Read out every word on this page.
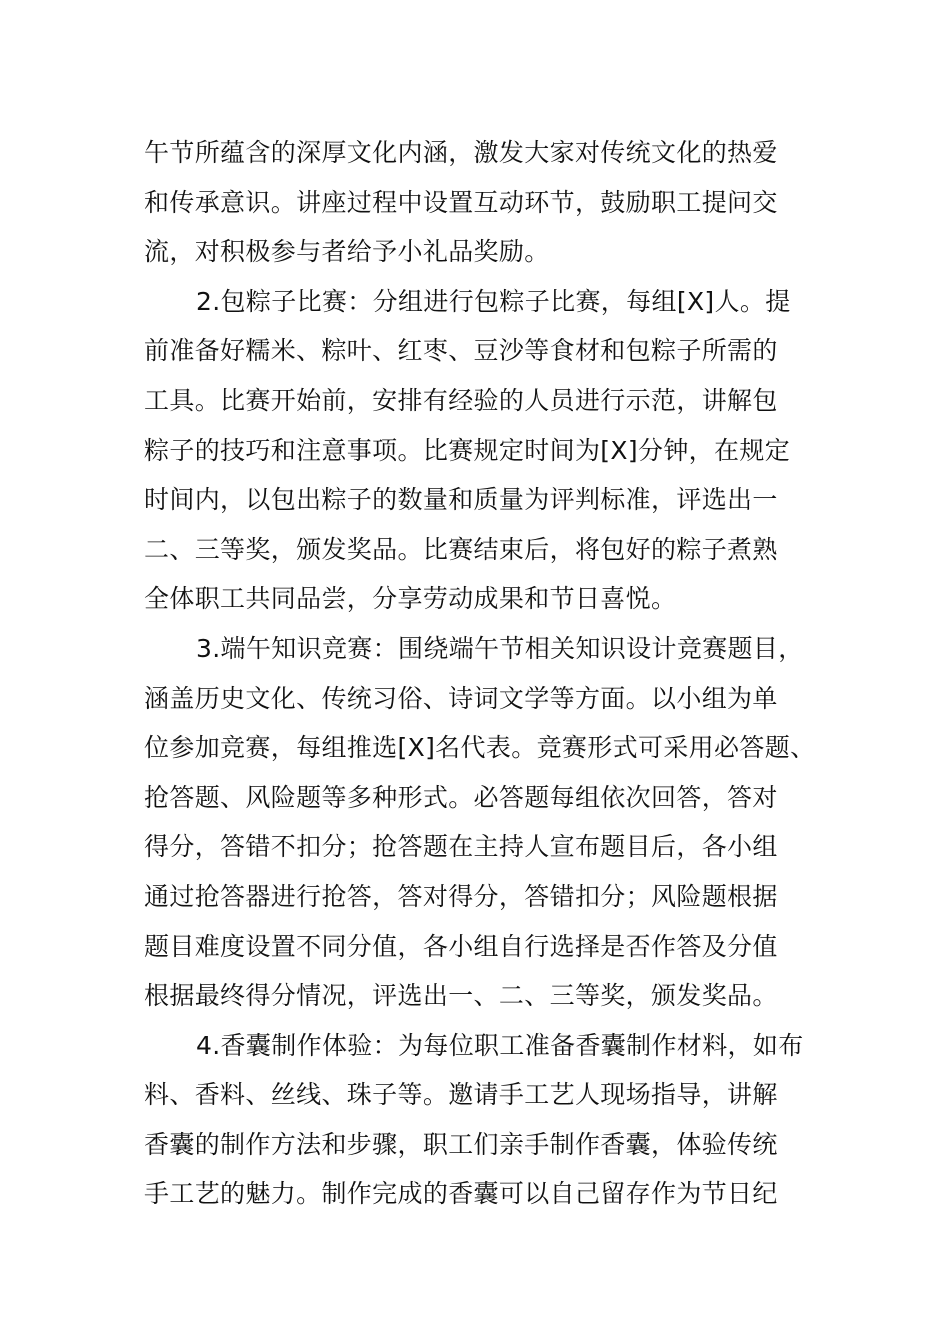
午节所蕴含的深厚文化内涵，激发大家对传统文化的热爱
和传承意识。讲座过程中设置互动环节，鼓励职工提问交
流，对积极参与者给予小礼品奖励。
2.包粽子比赛：分组进行包粽子比赛，每组[X]人。提
前准备好糯米、粽叶、红枣、豆沙等食材和包粽子所需的
工具。比赛开始前，安排有经验的人员进行示范，讲解包
粽子的技巧和注意事项。比赛规定时间为[X]分钟，在规定
时间内，以包出粽子的数量和质量为评判标准，评选出一
二、三等奖，颁发奖品。比赛结束后，将包好的粽子煮熟
全体职工共同品尝，分享劳动成果和节日喜悦。
3.端午知识竞赛：围绕端午节相关知识设计竞赛题目，
涵盖历史文化、传统习俗、诗词文学等方面。以小组为单
位参加竞赛，每组推选[X]名代表。竞赛形式可采用必答题、
抢答题、风险题等多种形式。必答题每组依次回答，答对
得分，答错不扣分；抢答题在主持人宣布题目后，各小组
通过抢答器进行抢答，答对得分，答错扣分；风险题根据
题目难度设置不同分值，各小组自行选择是否作答及分值
根据最终得分情况，评选出一、二、三等奖，颁发奖品。
4.香囊制作体验：为每位职工准备香囊制作材料，如布
料、香料、丝线、珠子等。邀请手工艺人现场指导，讲解
香囊的制作方法和步骤，职工们亲手制作香囊，体验传统
手工艺的魅力。制作完成的香囊可以自己留存作为节日纪
